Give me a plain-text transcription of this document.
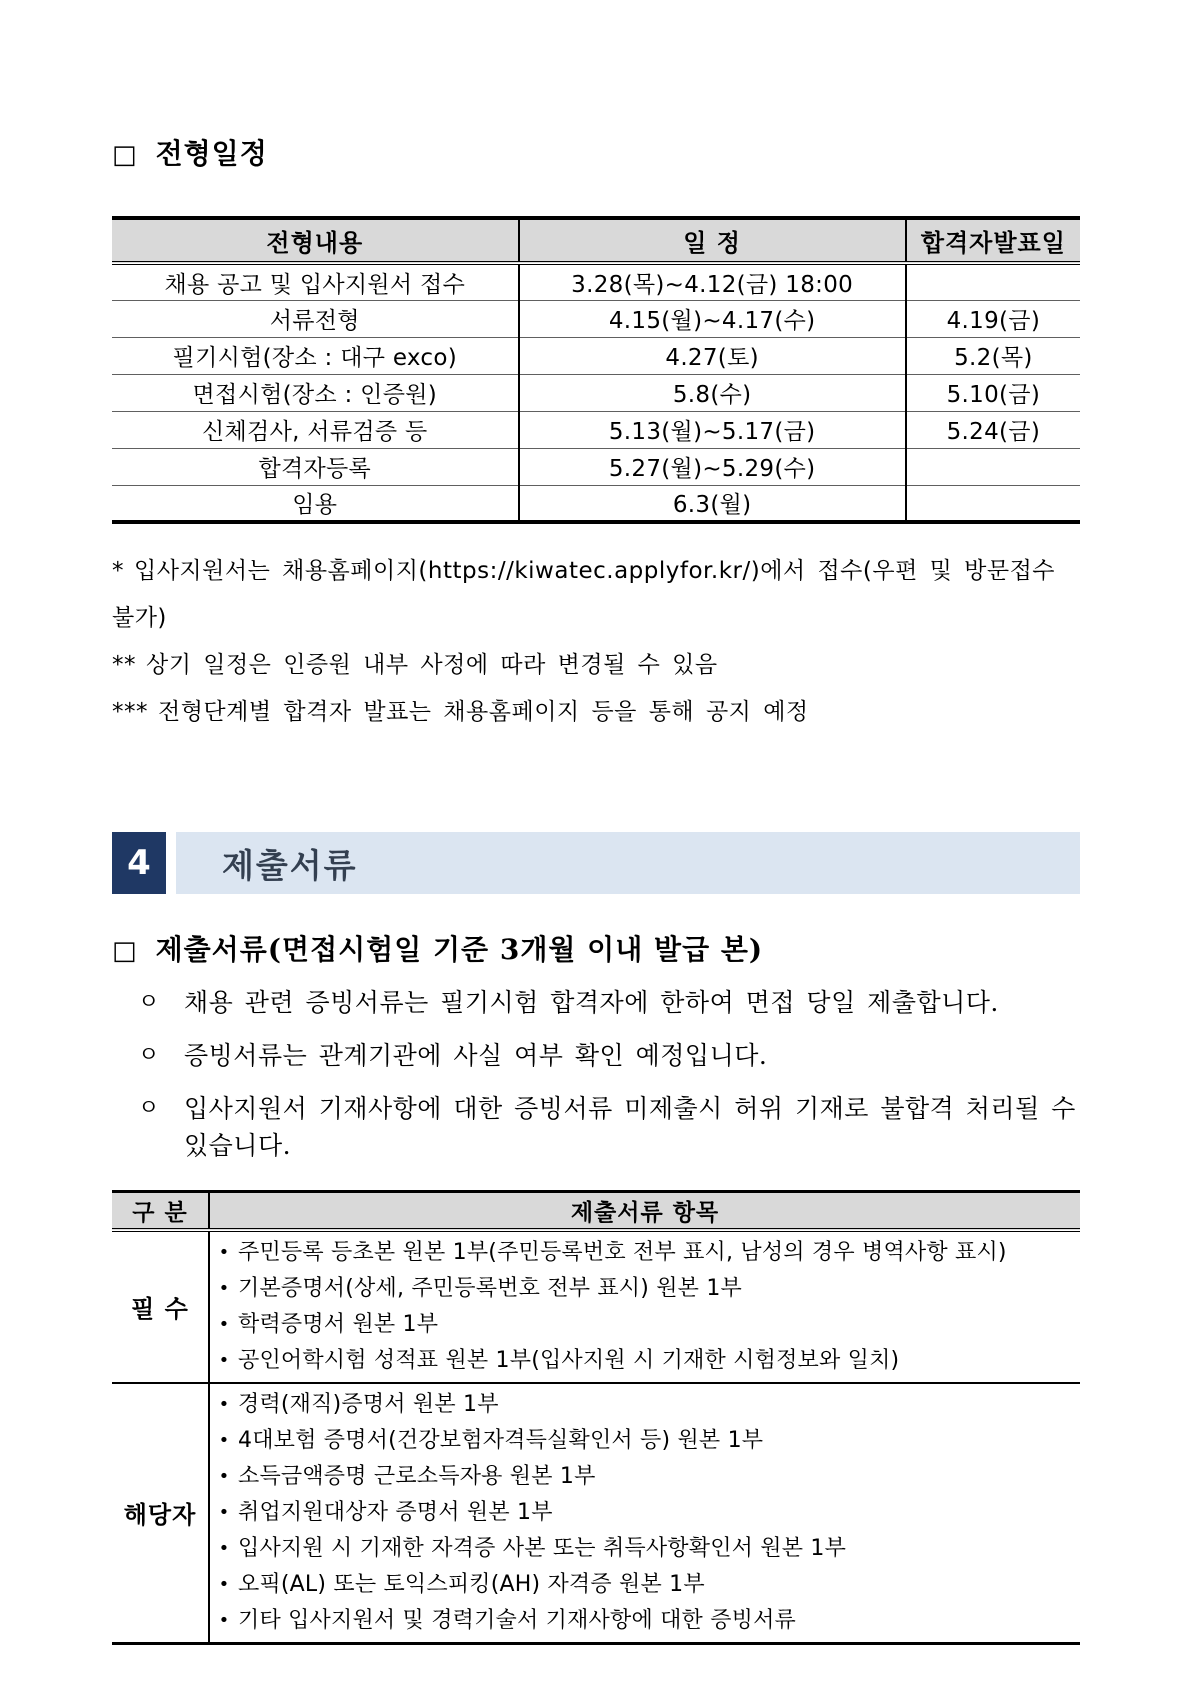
□ 전형일정
전형내용	일 정	합격자발표일
채용 공고 및 입사지원서 접수	3.28(목)~4.12(금) 18:00	
서류전형	4.15(월)~4.17(수)	4.19(금)
필기시험(장소 : 대구 exco)	4.27(토)	5.2(목)
면접시험(장소 : 인증원)	5.8(수)	5.10(금)
신체검사, 서류검증 등	5.13(월)~5.17(금)	5.24(금)
합격자등록	5.27(월)~5.29(수)	
임용	6.3(월)	
* 입사지원서는 채용홈페이지(https://kiwatec.applyfor.kr/)에서 접수(우편 및 방문접수 불가)
** 상기 일정은 인증원 내부 사정에 따라 변경될 수 있음
*** 전형단계별 합격자 발표는 채용홈페이지 등을 통해 공지 예정
4	제출서류
□ 제출서류(면접시험일 기준 3개월 이내 발급 본)
ㅇ 채용 관련 증빙서류는 필기시험 합격자에 한하여 면접 당일 제출합니다.
ㅇ 증빙서류는 관계기관에 사실 여부 확인 예정입니다.
ㅇ 입사지원서 기재사항에 대한 증빙서류 미제출시 허위 기재로 불합격 처리될 수 있습니다.
구 분	제출서류 항목
필 수	
• 주민등록 등초본 원본 1부(주민등록번호 전부 표시, 남성의 경우 병역사항 표시)
• 기본증명서(상세, 주민등록번호 전부 표시) 원본 1부
• 학력증명서 원본 1부
• 공인어학시험 성적표 원본 1부(입사지원 시 기재한 시험정보와 일치)

해당자	
• 경력(재직)증명서 원본 1부
• 4대보험 증명서(건강보험자격득실확인서 등) 원본 1부
• 소득금액증명 근로소득자용 원본 1부
• 취업지원대상자 증명서 원본 1부
• 입사지원 시 기재한 자격증 사본 또는 취득사항확인서 원본 1부
• 오픽(AL) 또는 토익스피킹(AH) 자격증 원본 1부
• 기타 입사지원서 및 경력기술서 기재사항에 대한 증빙서류
